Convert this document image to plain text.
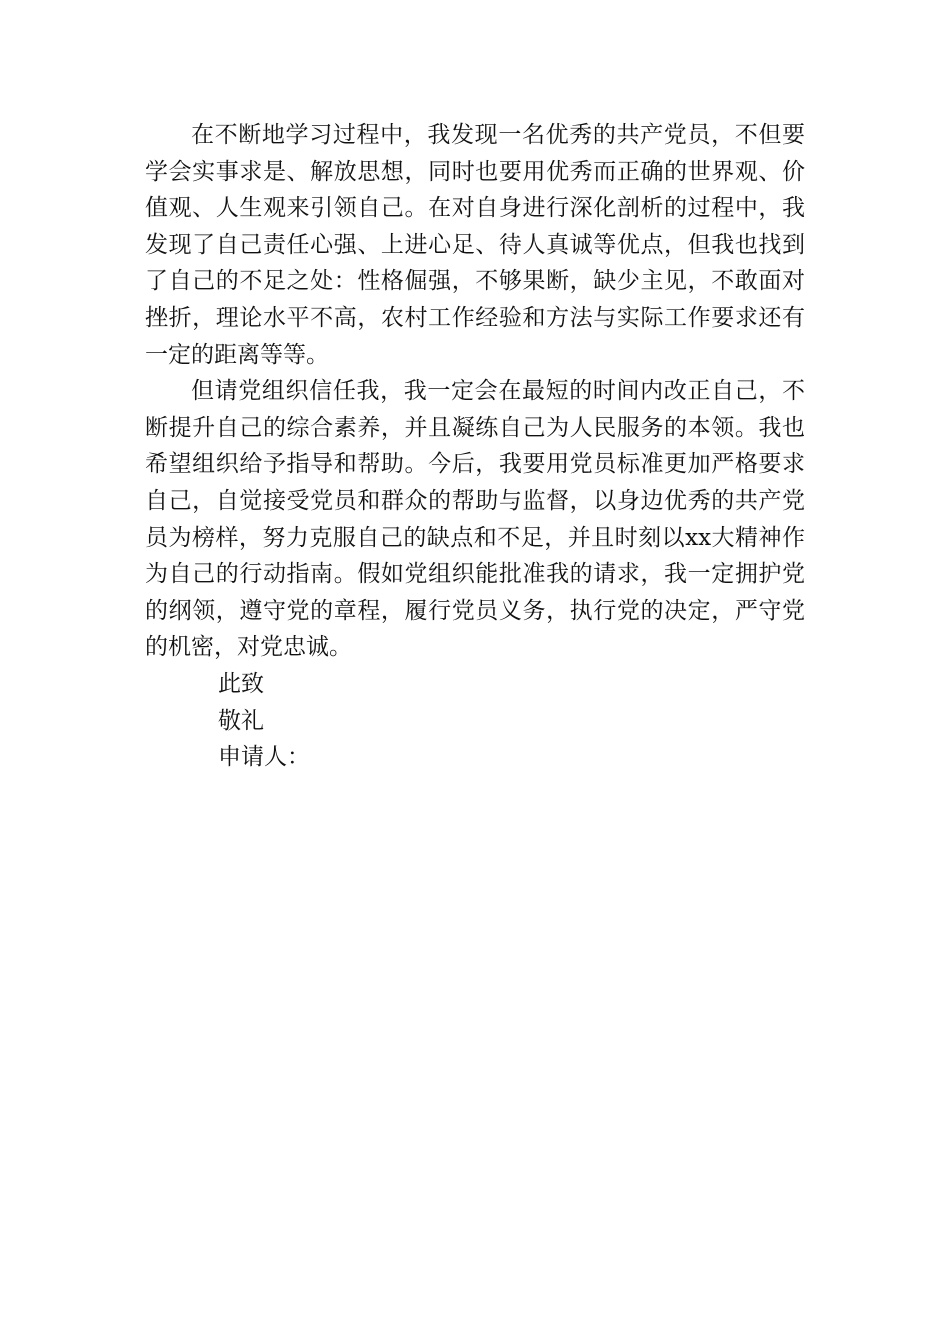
在不断地学习过程中，我发现一名优秀的共产党员，不但要学会实事求是、解放思想，同时也要用优秀而正确的世界观、价值观、人生观来引领自己。在对自身进行深化剖析的过程中，我发现了自己责任心强、上进心足、待人真诚等优点，但我也找到了自己的不足之处：性格倔强，不够果断，缺少主见，不敢面对挫折，理论水平不高，农村工作经验和方法与实际工作要求还有一定的距离等等。

但请党组织信任我，我一定会在最短的时间内改正自己，不断提升自己的综合素养，并且凝练自己为人民服务的本领。我也希望组织给予指导和帮助。今后，我要用党员标准更加严格要求自己，自觉接受党员和群众的帮助与监督，以身边优秀的共产党员为榜样，努力克服自己的缺点和不足，并且时刻以xx大精神作为自己的行动指南。假如党组织能批准我的请求，我一定拥护党的纲领，遵守党的章程，履行党员义务，执行党的决定，严守党的机密，对党忠诚。

此致

敬礼

申请人：
